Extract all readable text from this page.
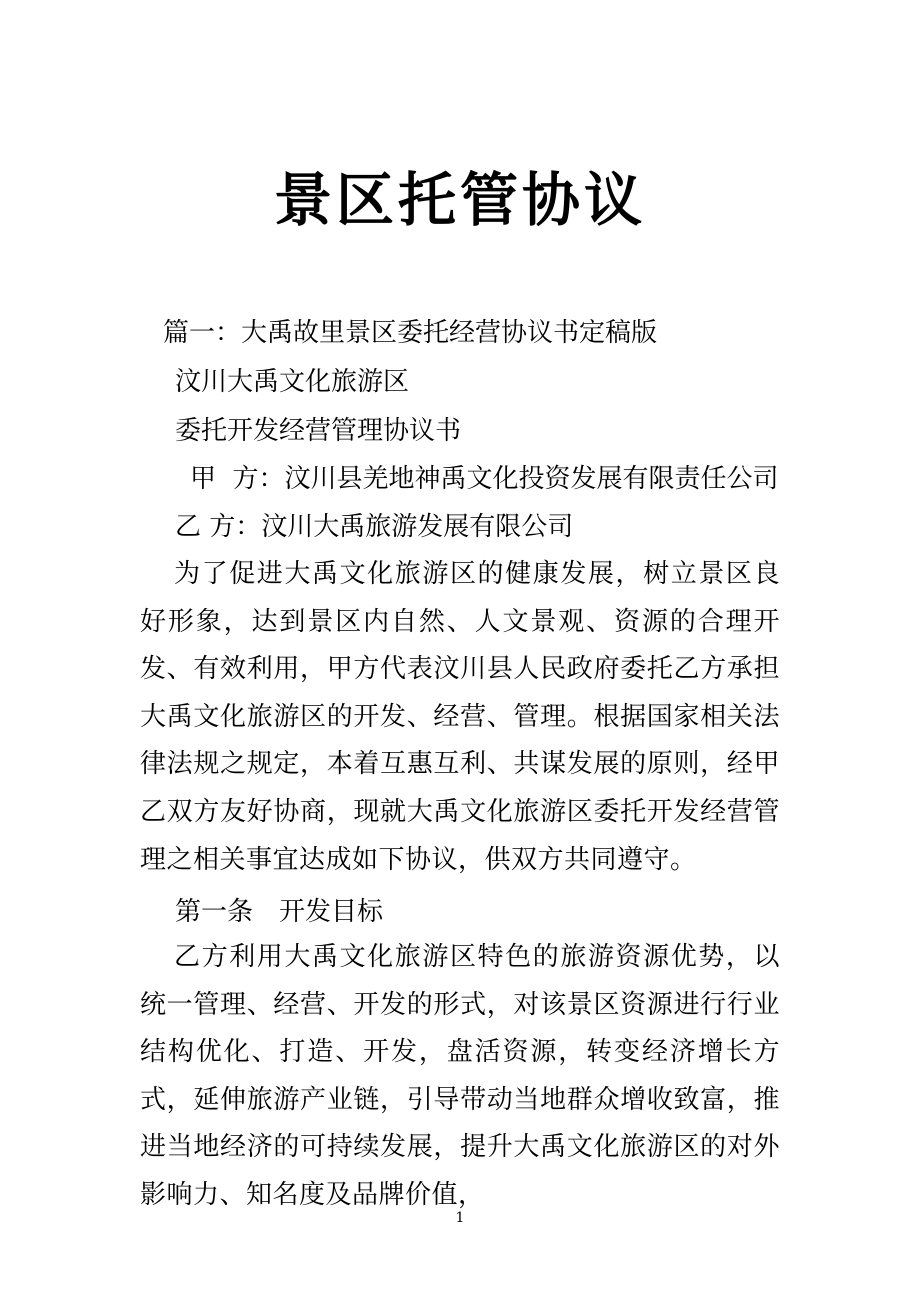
景区托管协议
篇一：大禹故里景区委托经营协议书定稿版
汶川大禹文化旅游区
委托开发经营管理协议书
甲  方：汶川县羌地神禹文化投资发展有限责任公司
乙 方：汶川大禹旅游发展有限公司
为了促进大禹文化旅游区的健康发展，树立景区良好形象，达到景区内自然、人文景观、资源的合理开发、有效利用，甲方代表汶川县人民政府委托乙方承担大禹文化旅游区的开发、经营、管理。根据国家相关法律法规之规定，本着互惠互利、共谋发展的原则，经甲乙双方友好协商，现就大禹文化旅游区委托开发经营管理之相关事宜达成如下协议，供双方共同遵守。
第一条　开发目标
乙方利用大禹文化旅游区特色的旅游资源优势，以统一管理、经营、开发的形式，对该景区资源进行行业结构优化、打造、开发，盘活资源，转变经济增长方式，延伸旅游产业链，引导带动当地群众增收致富，推进当地经济的可持续发展，提升大禹文化旅游区的对外影响力、知名度及品牌价值，
1
